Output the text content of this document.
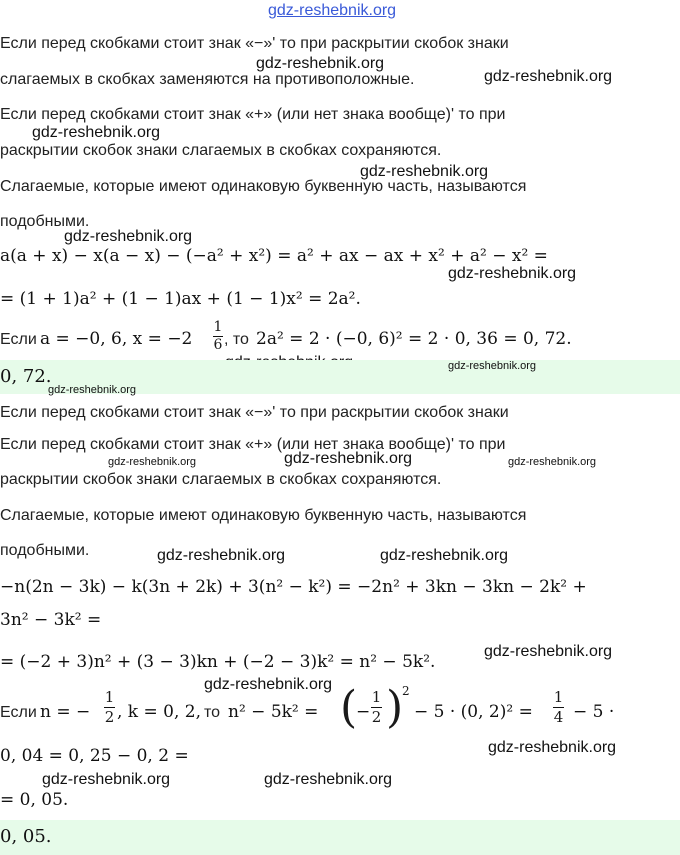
gdz-reshebnik.org
Если перед скобками стоит знак «−»' то при раскрытии скобок знаки
gdz-reshebnik.org
слагаемых в скобках заменяются на противоположные.	gdz-reshebnik.org
Если перед скобками стоит знак «+» (или нет знака вообще)' то при
gdz-reshebnik.org
раскрытии скобок знаки слагаемых в скобках сохраняются.
gdz-reshebnik.org
Слагаемые, которые имеют одинаковую буквенную часть, называются
подобными.
gdz-reshebnik.org
a(a + x) − x(a − x) − (−a² + x²) = a² + ax − ax + x² + a² − x² =
gdz-reshebnik.org
= (1 + 1)a² + (1 − 1)ax + (1 − 1)x² = 2a².
Если a = −0, 6, $x = -2 \frac{1}{6}$ , то 2a² = 2 · (−0, 6)² = 2 · 0, 36 = 0, 72.
0, 72.
gdz-reshebnik.org
gdz-reshebnik.org
Если перед скобками стоит знак «−»' то при раскрытии скобок знаки
Если перед скобками стоит знак «+» (или нет знака вообще)' то при
gdz-reshebnik.org	gdz-reshebnik.org	gdz-reshebnik.org
раскрытии скобок знаки слагаемых в скобках сохраняются.
Слагаемые, которые имеют одинаковую буквенную часть, называются
подобными.	gdz-reshebnik.org	gdz-reshebnik.org
−n(2n − 3k) − k(3n + 2k) + 3(n² − k²) = −2n² + 3kn − 3kn − 2k² +
3n² − 3k² =
gdz-reshebnik.org
= (−2 + 3)n² + (3 − 3)kn + (−2 − 3)k² = n² − 5k².
gdz-reshebnik.org
Если n = − $\frac{1}{2}$ , k = 0, 2, то n² − 5k² = (
− $\frac{1}{2}$ )
2
− 5 · (0, $2)^2 = \frac{1}{4} - 5$ ·
gdz-reshebnik.org
0, 04 = 0, 25 − 0, 2 =
gdz-reshebnik.org	gdz-reshebnik.org
= 0, 05.
0, 05.
